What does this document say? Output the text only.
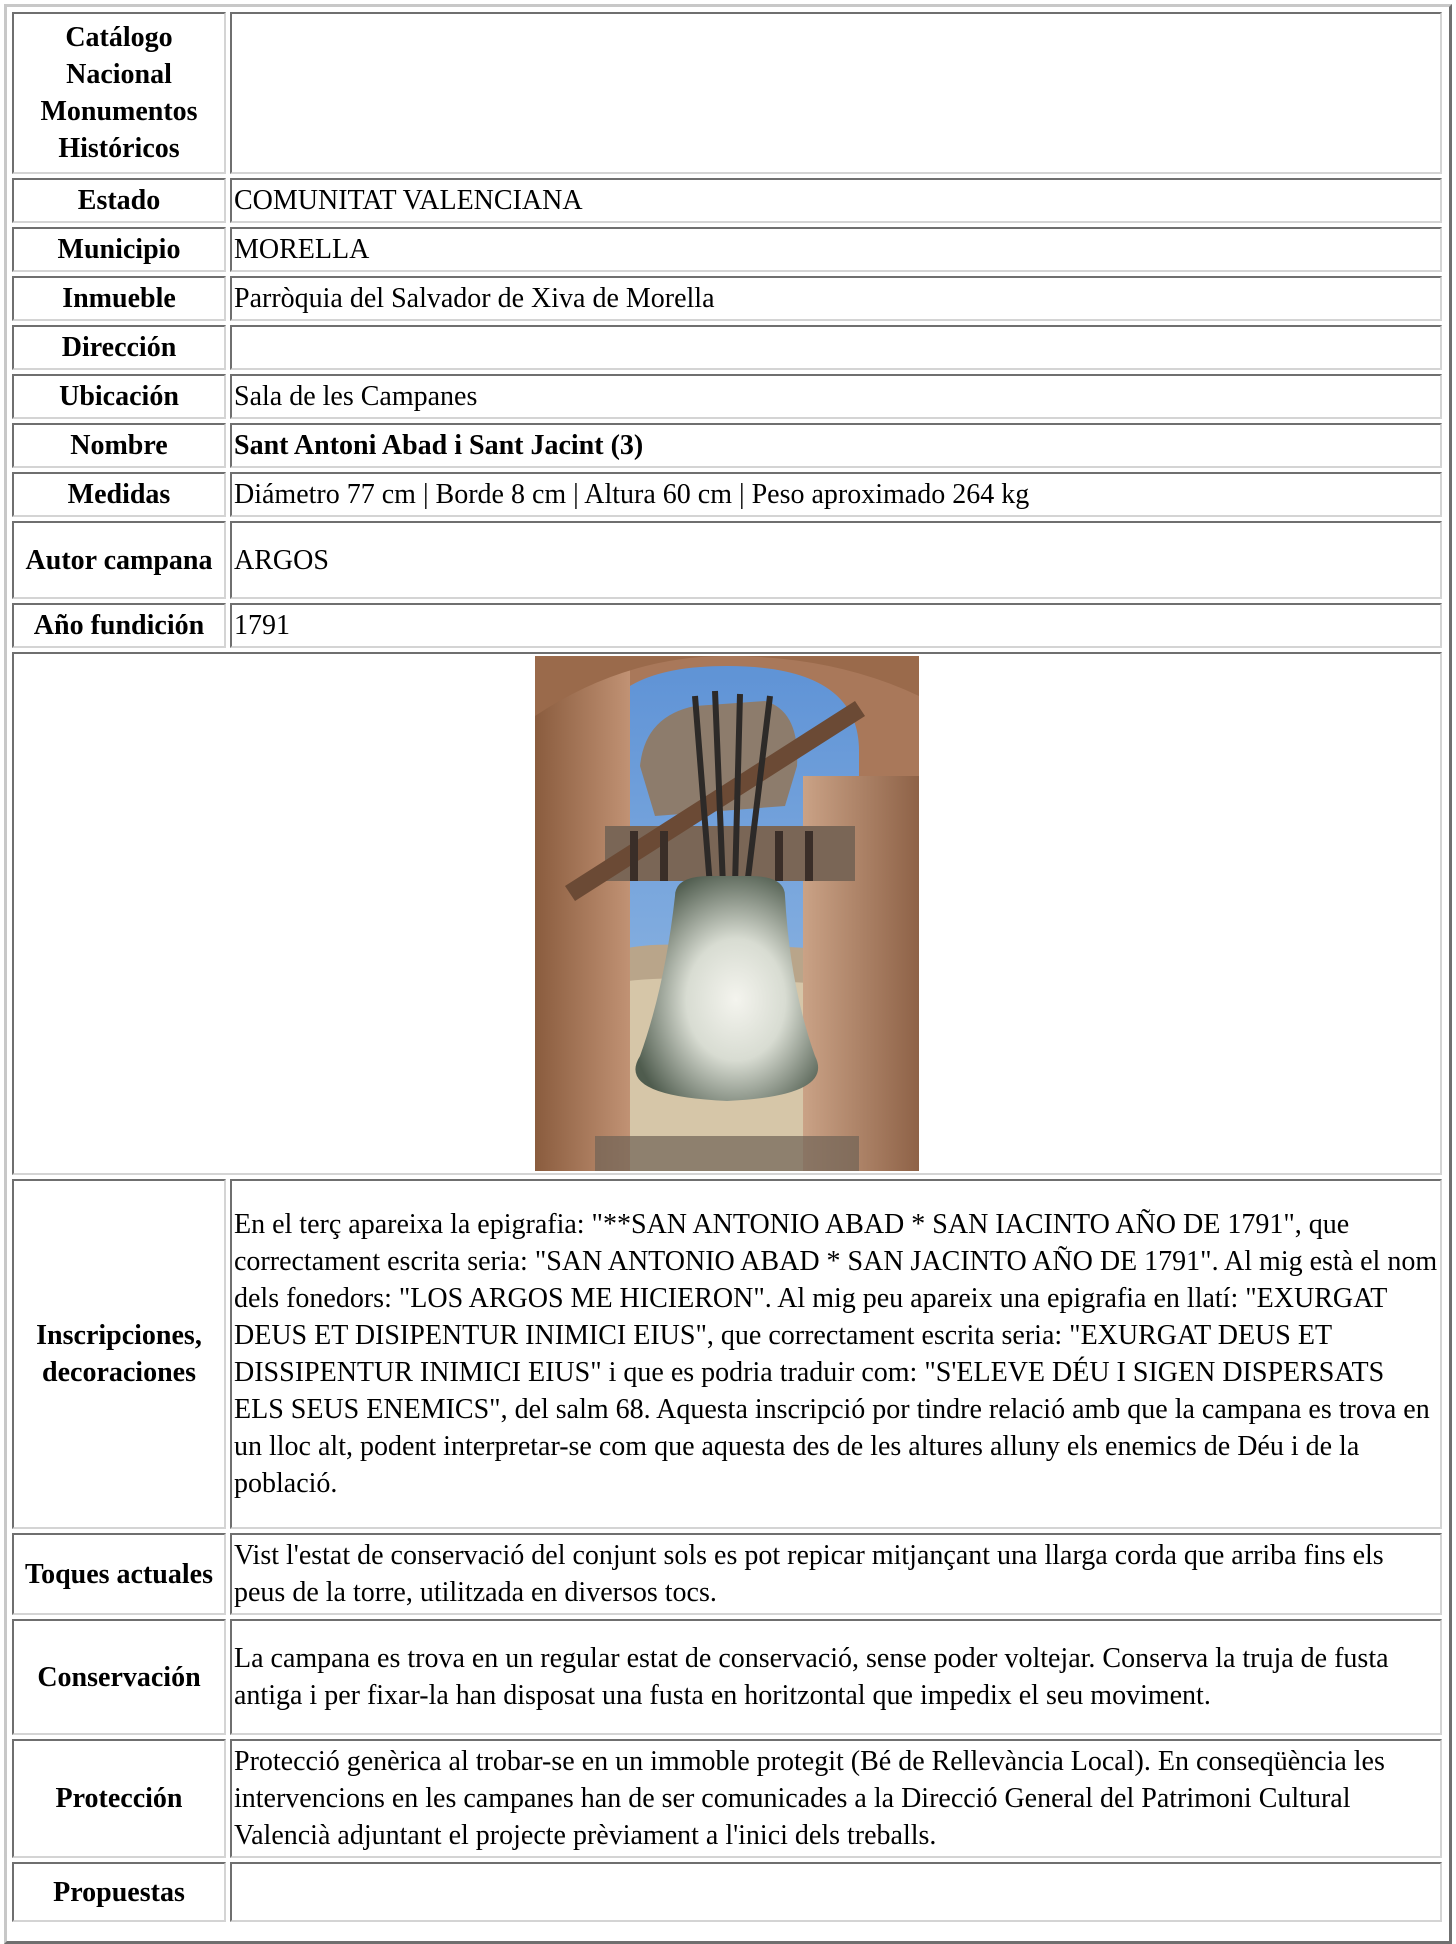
Catálogo Nacional Monumentos Históricos	
Estado	COMUNITAT VALENCIANA
Municipio	MORELLA
Inmueble	Parròquia del Salvador de Xiva de Morella
Dirección	
Ubicación	Sala de les Campanes
Nombre	Sant Antoni Abad i Sant Jacint (3)
Medidas	Diámetro 77 cm | Borde 8 cm | Altura 60 cm | Peso aproximado 264 kg
Autor campana	ARGOS
Año fundición	1791

Inscripciones, decoraciones	En el terç apareixa la epigrafia: "**SAN ANTONIO ABAD * SAN IACINTO AÑO DE 1791", que correctament escrita seria: "SAN ANTONIO ABAD * SAN JACINTO AÑO DE 1791". Al mig està el nom dels fonedors: "LOS ARGOS ME HICIERON". Al mig peu apareix una epigrafia en llatí: "EXURGAT DEUS ET DISIPENTUR INIMICI EIUS", que correctament escrita seria: "EXURGAT DEUS ET DISSIPENTUR INIMICI EIUS" i que es podria traduir com: "S'ELEVE DÉU I SIGEN DISPERSATS ELS SEUS ENEMICS", del salm 68. Aquesta inscripció por tindre relació amb que la campana es trova en un lloc alt, podent interpretar-se com que aquesta des de les altures alluny els enemics de Déu i de la població.
Toques actuales	Vist l'estat de conservació del conjunt sols es pot repicar mitjançant una llarga corda que arriba fins els peus de la torre, utilitzada en diversos tocs.
Conservación	La campana es trova en un regular estat de conservació, sense poder voltejar. Conserva la truja de fusta antiga i per fixar-la han disposat una fusta en horitzontal que impedix el seu moviment.
Protección	Protecció genèrica al trobar-se en un immoble protegit (Bé de Rellevància Local). En conseqüència les intervencions en les campanes han de ser comunicades a la Direcció General del Patrimoni Cultural Valencià adjuntant el projecte prèviament a l'inici dels treballs.
Propuestas	
